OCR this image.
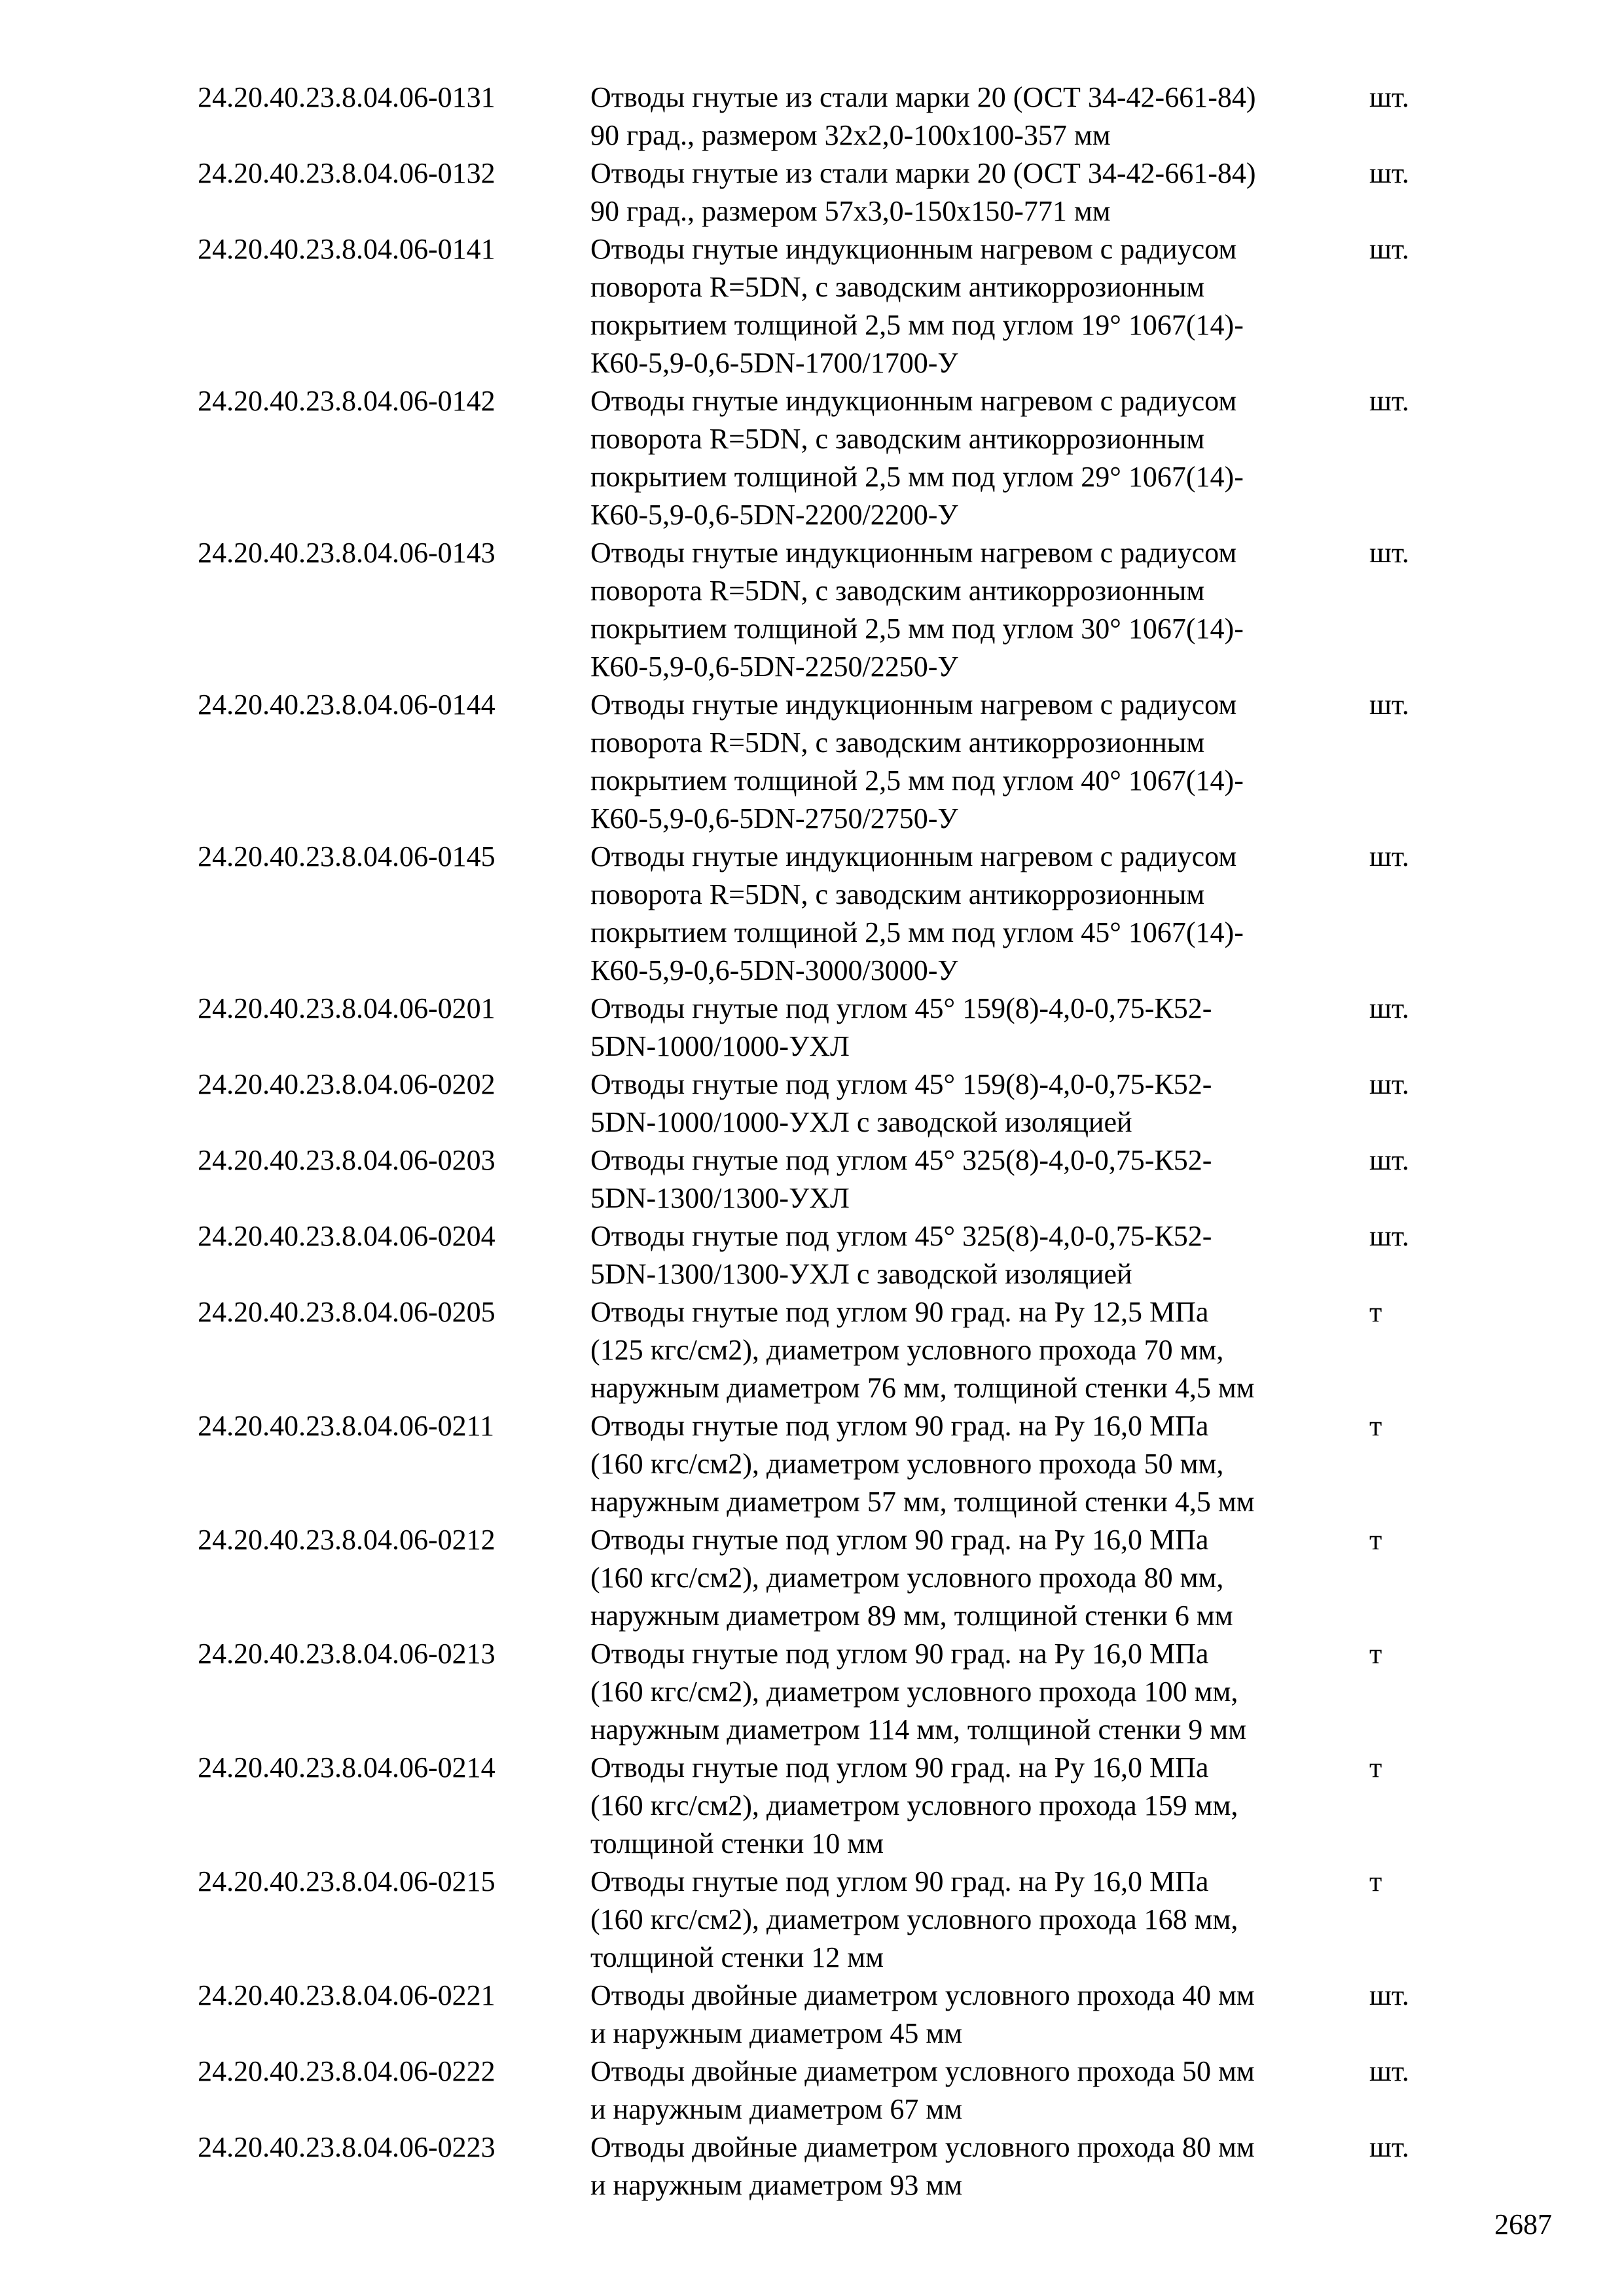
24.20.40.23.8.04.06-0131	Отводы гнутые из стали марки 20 (ОСТ 34-42-661-84)
90 град., размером 32х2,0-100х100-357 мм
шт.
24.20.40.23.8.04.06-0132	Отводы гнутые из стали марки 20 (ОСТ 34-42-661-84)
90 град., размером 57х3,0-150х150-771 мм
шт.
24.20.40.23.8.04.06-0141	Отводы гнутые индукционным нагревом с радиусом
поворота R=5DN, с заводским антикоррозионным
покрытием толщиной 2,5 мм под углом 19° 1067(14)-
К60-5,9-0,6-5DN-1700/1700-У
шт.
24.20.40.23.8.04.06-0142	Отводы гнутые индукционным нагревом с радиусом
поворота R=5DN, с заводским антикоррозионным
покрытием толщиной 2,5 мм под углом 29° 1067(14)-
К60-5,9-0,6-5DN-2200/2200-У
шт.
24.20.40.23.8.04.06-0143	Отводы гнутые индукционным нагревом с радиусом
поворота R=5DN, с заводским антикоррозионным
покрытием толщиной 2,5 мм под углом 30° 1067(14)-
К60-5,9-0,6-5DN-2250/2250-У
шт.
24.20.40.23.8.04.06-0144	Отводы гнутые индукционным нагревом с радиусом
поворота R=5DN, с заводским антикоррозионным
покрытием толщиной 2,5 мм под углом 40° 1067(14)-
К60-5,9-0,6-5DN-2750/2750-У
шт.
24.20.40.23.8.04.06-0145	Отводы гнутые индукционным нагревом с радиусом
поворота R=5DN, с заводским антикоррозионным
покрытием толщиной 2,5 мм под углом 45° 1067(14)-
К60-5,9-0,6-5DN-3000/3000-У
шт.
24.20.40.23.8.04.06-0201	Отводы гнутые под углом 45° 159(8)-4,0-0,75-К52-
5DN-1000/1000-УХЛ
шт.
24.20.40.23.8.04.06-0202	Отводы гнутые под углом 45° 159(8)-4,0-0,75-К52-
5DN-1000/1000-УХЛ с заводской изоляцией
шт.
24.20.40.23.8.04.06-0203	Отводы гнутые под углом 45° 325(8)-4,0-0,75-К52-
5DN-1300/1300-УХЛ
шт.
24.20.40.23.8.04.06-0204	Отводы гнутые под углом 45° 325(8)-4,0-0,75-К52-
5DN-1300/1300-УХЛ с заводской изоляцией
шт.
24.20.40.23.8.04.06-0205	Отводы гнутые под углом 90 град. на Ру 12,5 МПа
(125 кгс/см2), диаметром условного прохода 70 мм,
наружным диаметром 76 мм, толщиной стенки 4,5 мм
т
24.20.40.23.8.04.06-0211	Отводы гнутые под углом 90 град. на Ру 16,0 МПа
(160 кгс/см2), диаметром условного прохода 50 мм,
наружным диаметром 57 мм, толщиной стенки 4,5 мм
т
24.20.40.23.8.04.06-0212	Отводы гнутые под углом 90 град. на Ру 16,0 МПа
(160 кгс/см2), диаметром условного прохода 80 мм,
наружным диаметром 89 мм, толщиной стенки 6 мм
т
24.20.40.23.8.04.06-0213	Отводы гнутые под углом 90 град. на Ру 16,0 МПа
(160 кгс/см2), диаметром условного прохода 100 мм,
наружным диаметром 114 мм, толщиной стенки 9 мм
т
24.20.40.23.8.04.06-0214	Отводы гнутые под углом 90 град. на Ру 16,0 МПа
(160 кгс/см2), диаметром условного прохода 159 мм,
толщиной стенки 10 мм
т
24.20.40.23.8.04.06-0215	Отводы гнутые под углом 90 град. на Ру 16,0 МПа
(160 кгс/см2), диаметром условного прохода 168 мм,
толщиной стенки 12 мм
т
24.20.40.23.8.04.06-0221	Отводы двойные диаметром условного прохода 40 мм
и наружным диаметром 45 мм
шт.
24.20.40.23.8.04.06-0222	Отводы двойные диаметром условного прохода 50 мм
и наружным диаметром 67 мм
шт.
24.20.40.23.8.04.06-0223	Отводы двойные диаметром условного прохода 80 мм
и наружным диаметром 93 мм
шт.
2687
